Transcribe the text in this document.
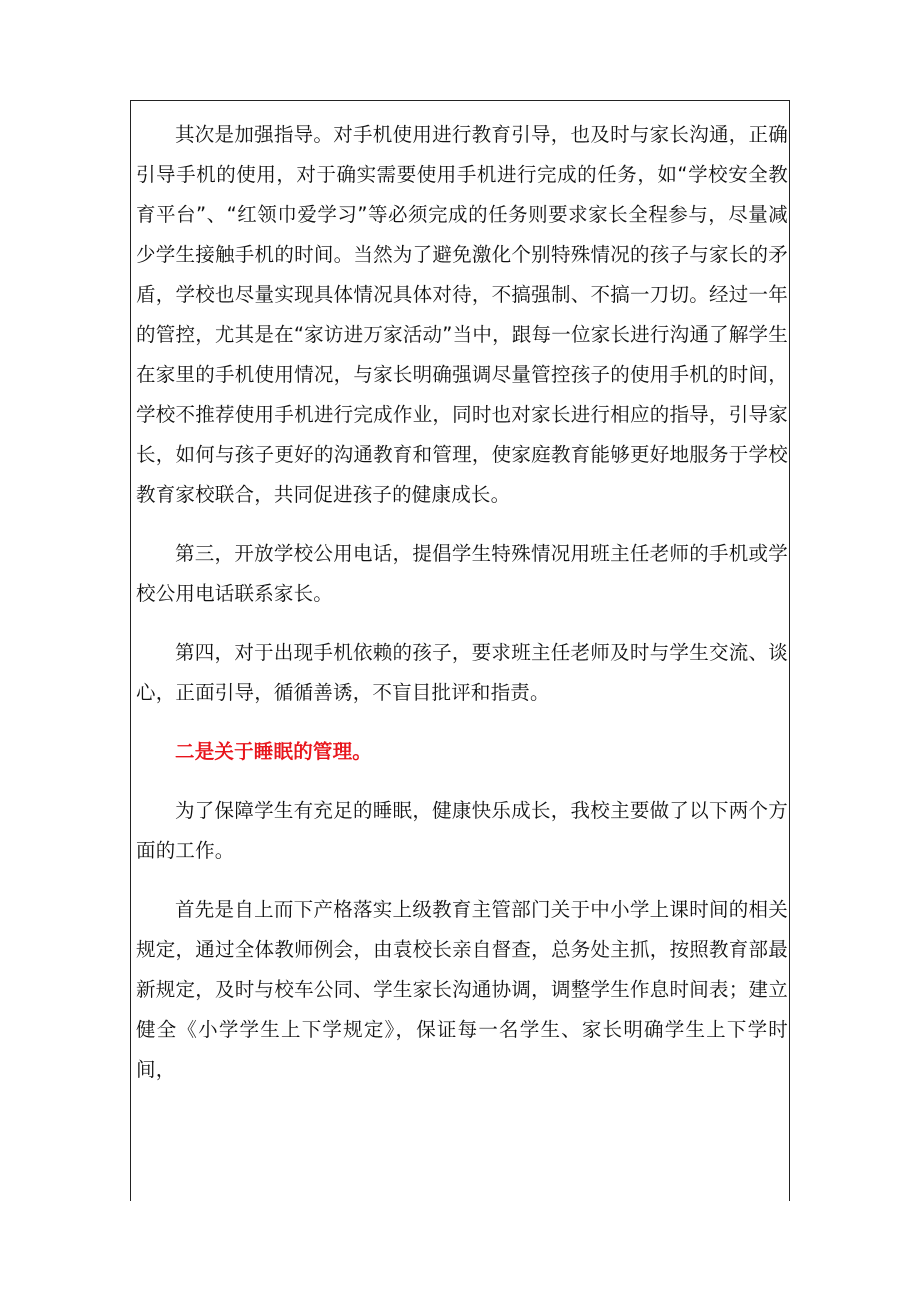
其次是加强指导。对手机使用进行教育引导，也及时与家长沟通，正确引导手机的使用，对于确实需要使用手机进行完成的任务，如“学校安全教育平台”、“红领巾爱学习”等必须完成的任务则要求家长全程参与，尽量减少学生接触手机的时间。当然为了避免激化个别特殊情况的孩子与家长的矛盾，学校也尽量实现具体情况具体对待，不搞强制、不搞一刀切。经过一年的管控，尤其是在“家访进万家活动”当中，跟每一位家长进行沟通了解学生在家里的手机使用情况，与家长明确强调尽量管控孩子的使用手机的时间，学校不推荐使用手机进行完成作业，同时也对家长进行相应的指导，引导家长，如何与孩子更好的沟通教育和管理，使家庭教育能够更好地服务于学校教育家校联合，共同促进孩子的健康成长。

第三，开放学校公用电话，提倡学生特殊情况用班主任老师的手机或学校公用电话联系家长。

第四，对于出现手机依赖的孩子，要求班主任老师及时与学生交流、谈心，正面引导，循循善诱，不盲目批评和指责。

二是关于睡眠的管理。

为了保障学生有充足的睡眠，健康快乐成长，我校主要做了以下两个方面的工作。

首先是自上而下产格落实上级教育主管部门关于中小学上课时间的相关规定，通过全体教师例会，由袁校长亲自督查，总务处主抓，按照教育部最新规定，及时与校车公同、学生家长沟通协调，调整学生作息时间表；建立健全《小学学生上下学规定》，保证每一名学生、家长明确学生上下学时间，
